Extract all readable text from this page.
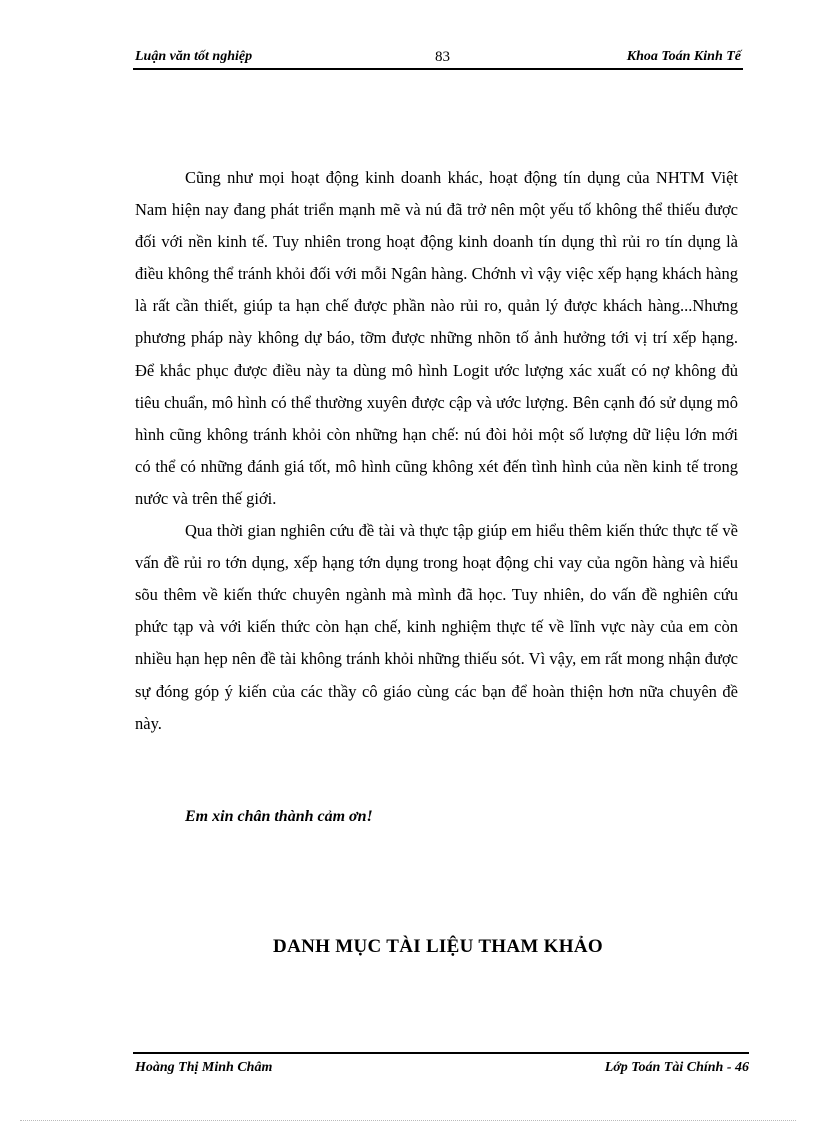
Luận văn tốt nghiệp	83	Khoa Toán Kinh Tế

Cũng như mọi hoạt động kinh doanh khác, hoạt động tín dụng của NHTM Việt Nam hiện nay đang phát triển mạnh mẽ và nú đã trở nên một yếu tố không thể thiếu được đối với nền kinh tế. Tuy nhiên trong hoạt động kinh doanh tín dụng thì rủi ro tín dụng là điều không thể tránh khỏi đối với mỗi Ngân hàng. Chớnh vì vậy việc xếp hạng khách hàng là rất cần thiết, giúp ta hạn chế được phần nào rủi ro, quản lý được khách hàng...Nhưng phương pháp này không dự báo, tỡm được những nhõn tố ảnh hưởng tới vị trí xếp hạng. Để khắc phục được điều này ta dùng mô hình Logit ước lượng xác xuất có nợ không đủ tiêu chuẩn, mô hình có thể thường xuyên được cập và ước lượng. Bên cạnh đó sử dụng mô hình cũng không tránh khỏi còn những hạn chế: nú đòi hỏi một số lượng dữ liệu lớn mới có thể có những đánh giá tốt, mô hình cũng không xét đến tình hình của nền kinh tế trong nước và trên thế giới.

Qua thời gian nghiên cứu đề tài và thực tập giúp em hiểu thêm kiến thức thực tế về vấn đề rủi ro tớn dụng, xếp hạng tớn dụng trong hoạt động chi vay của ngõn hàng và hiểu sõu thêm về kiến thức chuyên ngành mà mình đã học. Tuy nhiên, do vấn đề nghiên cứu phức tạp và với kiến thức còn hạn chế, kinh nghiệm thực tế về lĩnh vực này của em còn nhiều hạn hẹp nên đề tài không tránh khỏi những thiếu sót. Vì vậy, em rất mong nhận được sự đóng góp ý kiến của các thầy cô giáo cùng các bạn để hoàn thiện hơn nữa chuyên đề này.

Em xin chân thành cảm ơn!
DANH MỤC TÀI LIỆU THAM KHẢO
Hoàng Thị Minh Châm	Lớp Toán Tài Chính - 46
